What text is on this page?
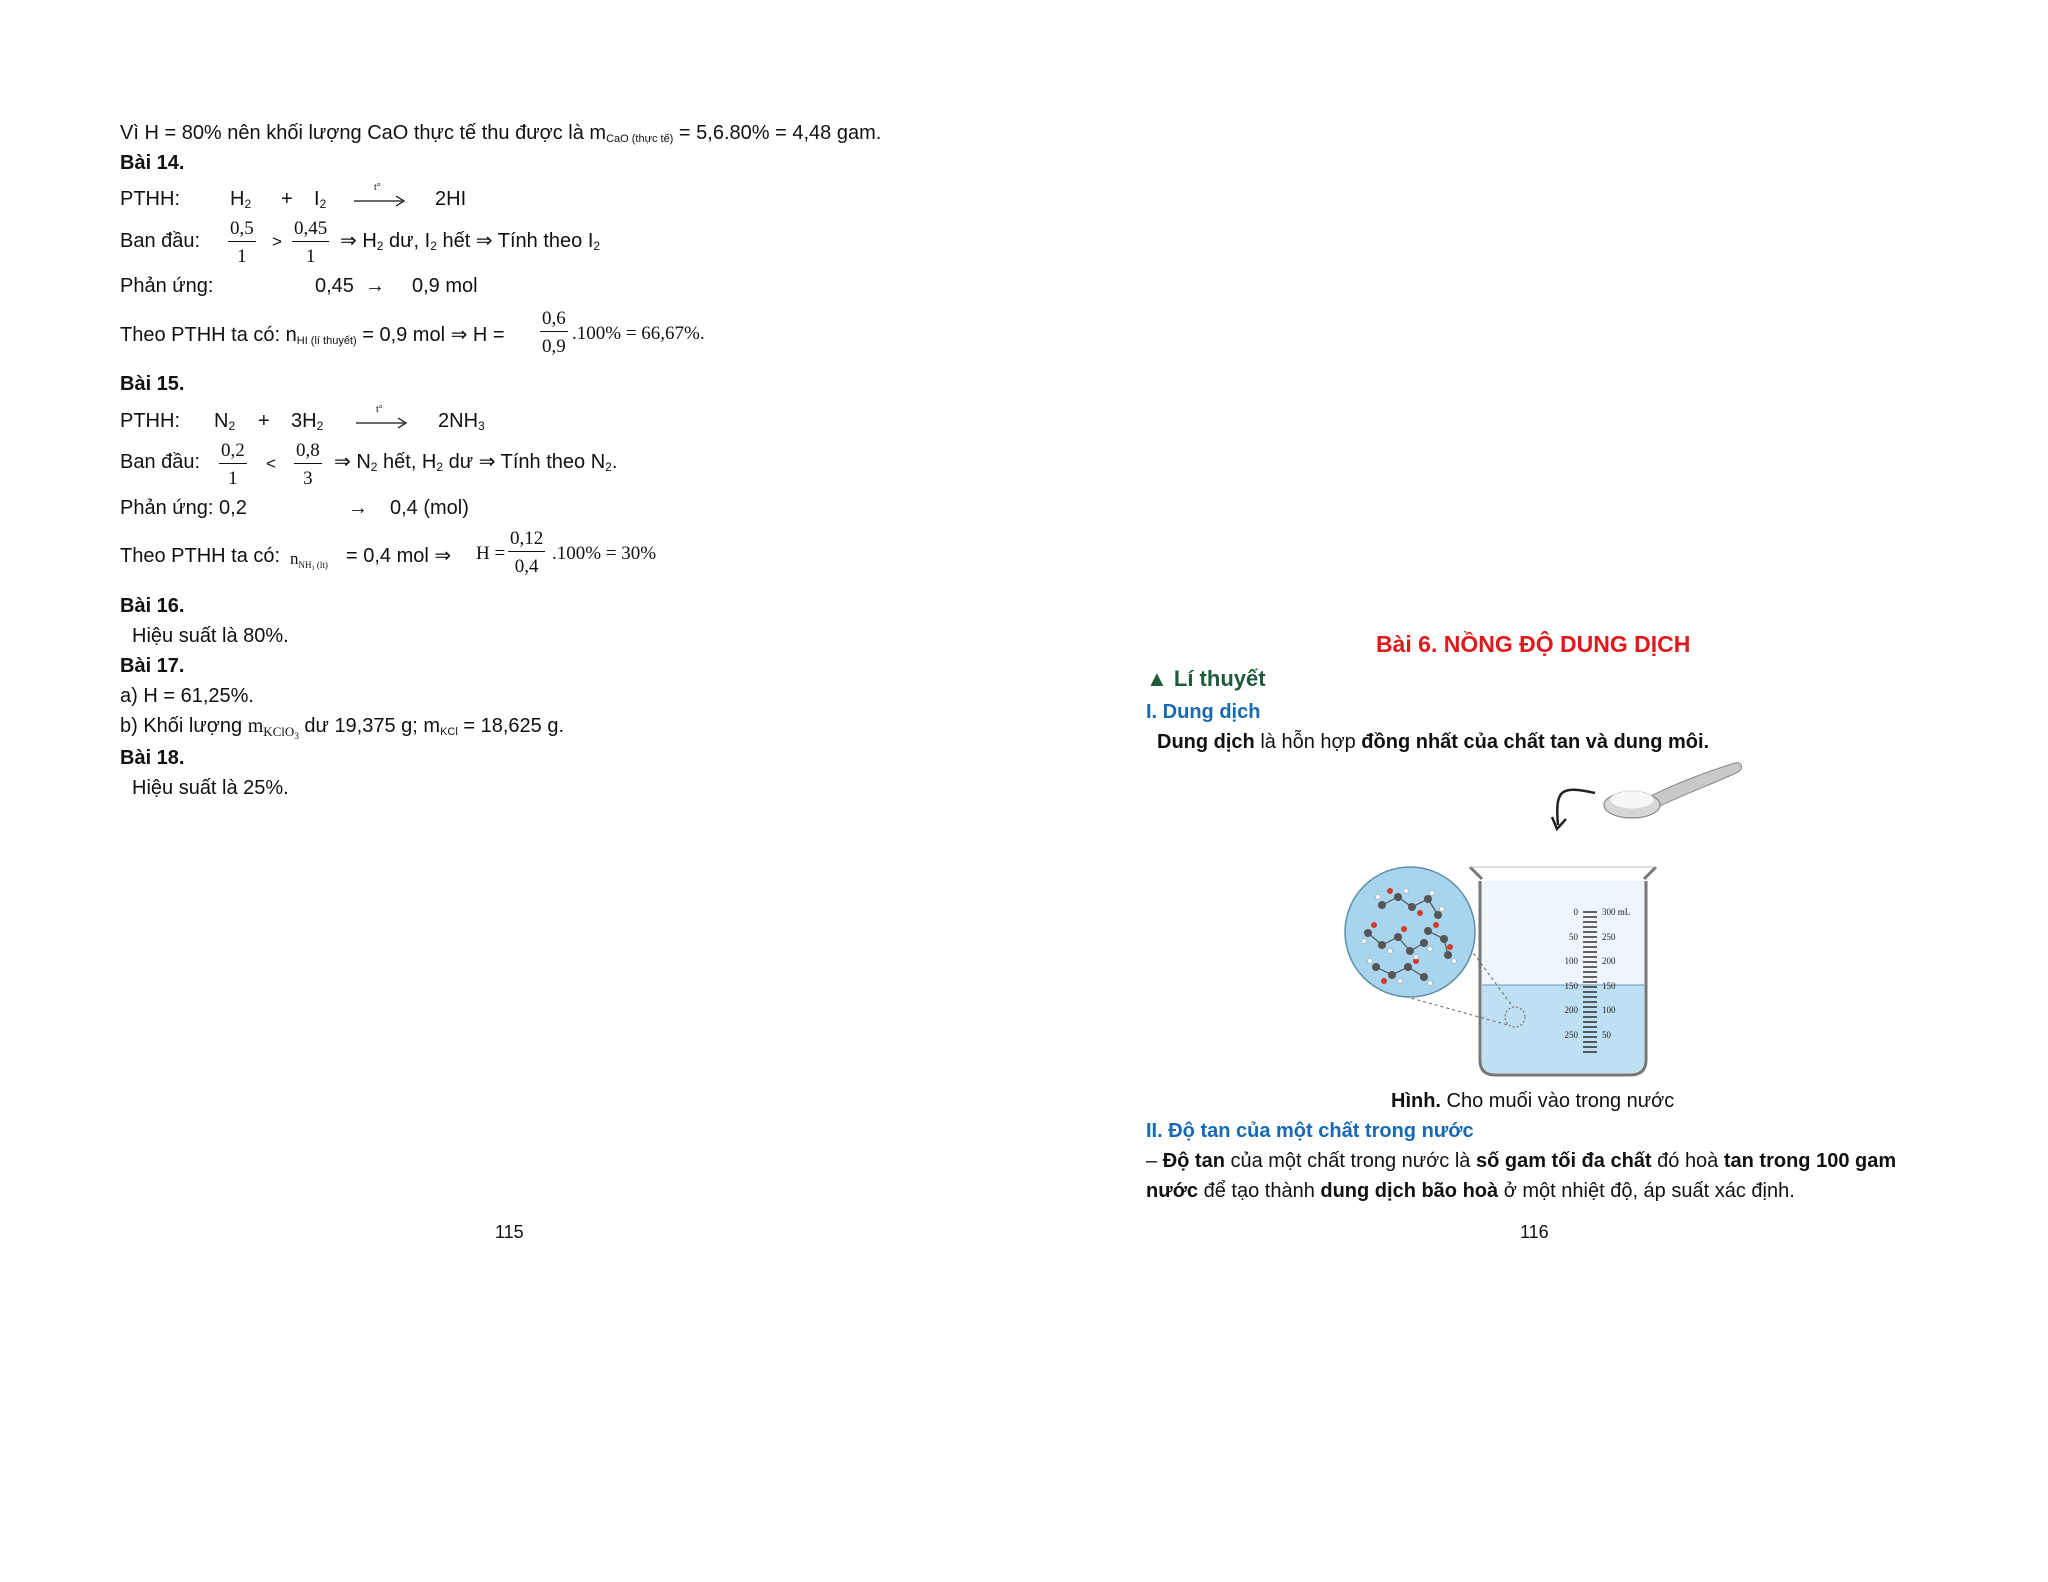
Vì H = 80% nên khối lượng CaO thực tế thu được là mCaO (thực tế) = 5,6.80% = 4,48 gam.
Bài 14.
PTHH:	$H_2 + I_2$
t°
2HI
Ban đầu: $\frac{0,5}{1} > \frac{0,45}{1}$ ⇒ $H_2$ dư, $I_2$ hết ⇒ Tính theo $I_2$
Phản ứng:	0,45 → 0,9 mol
Theo PTHH ta có: nHI (lí thuyết) = 0,9 mol ⇒ $H = \frac{0,6}{0,9} .100\% = 66,67\%$.
Bài 15.
PTHH: $N_2 + 3H_2$
t°
$2NH_3$
Ban đầu: $\frac{0,2}{1} < \frac{0,8}{3}$ ⇒ $N_2$ hết, $H_2$ dư ⇒ Tính theo $N_2$.
Phản ứng: 0,2	→ 0,4 (mol)
Theo PTHH ta có: $n_{NH_3 (lt)} = 0,4$ mol ⇒ $H = \frac{0,12}{0,4} .100\% = 30\%$
Bài 16.
Hiệu suất là 80%.
Bài 17.
a) H = 61,25%.
b) Khối lượng $m_{KClO3}$ dư 19,375 g; mKCl = 18,625 g.
Bài 18.
Hiệu suất là 25%.
115
Bài 6. NỒNG ĐỘ DUNG DỊCH
▲ Lí thuyết
I. Dung dịch
Dung dịch là hỗn hợp đồng nhất của chất tan và dung môi.
0
50
100
150
200
250
300 mL
250
200
150
100
50
Hình. Cho muối vào trong nước
II. Độ tan của một chất trong nước
– Độ tan của một chất trong nước là số gam tối đa chất đó hoà tan trong 100 gam
nước để tạo thành dung dịch bão hoà ở một nhiệt độ, áp suất xác định.
116
